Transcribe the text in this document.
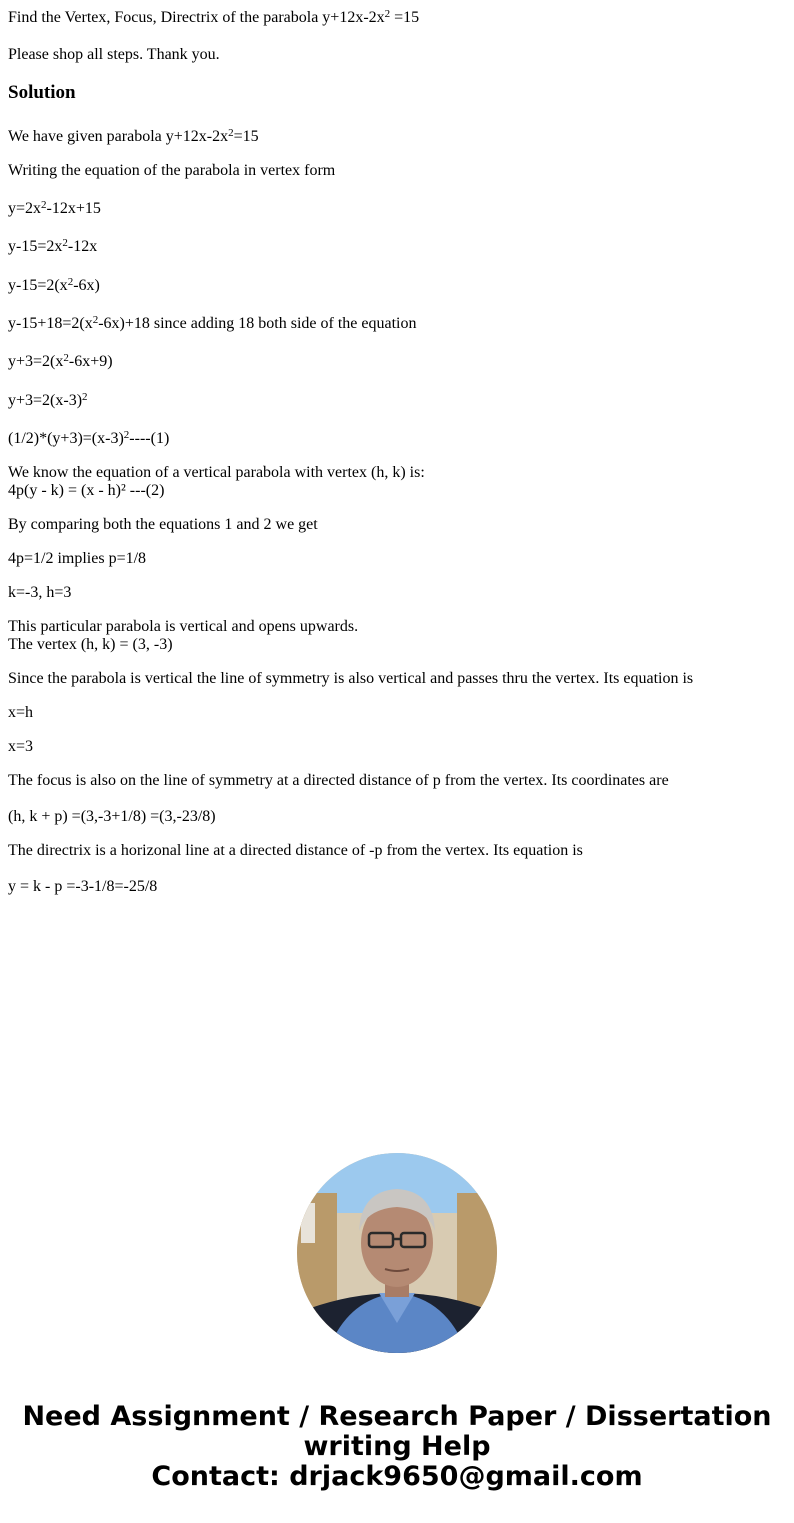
Find the Vertex, Focus, Directrix of the parabola $y+12x-2x^2 =15$

Please shop all steps. Thank you.

Solution

We have given parabola $y+12x-2x^2=15$

Writing the equation of the parabola in vertex form

$y=2x^2-12x+15$

$y-15=2x^2-12x$

$y-15=2(x^2-6x)$

$y-15+18=2(x^2-6x)+18$ since adding 18 both side of the equation

$y+3=2(x^2-6x+9)$

$y+3=2(x-3)^2$

$(1/2)*(y+3)=(x-3)^2----(1)$

We know the equation of a vertical parabola with vertex (h, k) is:

4p(y - k) = (x - h)² ---(2)

By comparing both the equations 1 and 2 we get

4p=1/2 implies p=1/8

k=-3, h=3

This particular parabola is vertical and opens upwards.

The vertex (h, k) = (3, -3)

Since the parabola is vertical the line of symmetry is also vertical and passes thru the vertex. Its equation is

x=h

x=3

The focus is also on the line of symmetry at a directed distance of p from the vertex. Its coordinates are

(h, k + p) =(3,-3+1/8) =(3,-23/8)

The directrix is a horizonal line at a directed distance of -p from the vertex. Its equation is

y = k - p =-3-1/8=-25/8

Need Assignment / Research Paper / Dissertation
writing Help
Contact: drjack9650@gmail.com
